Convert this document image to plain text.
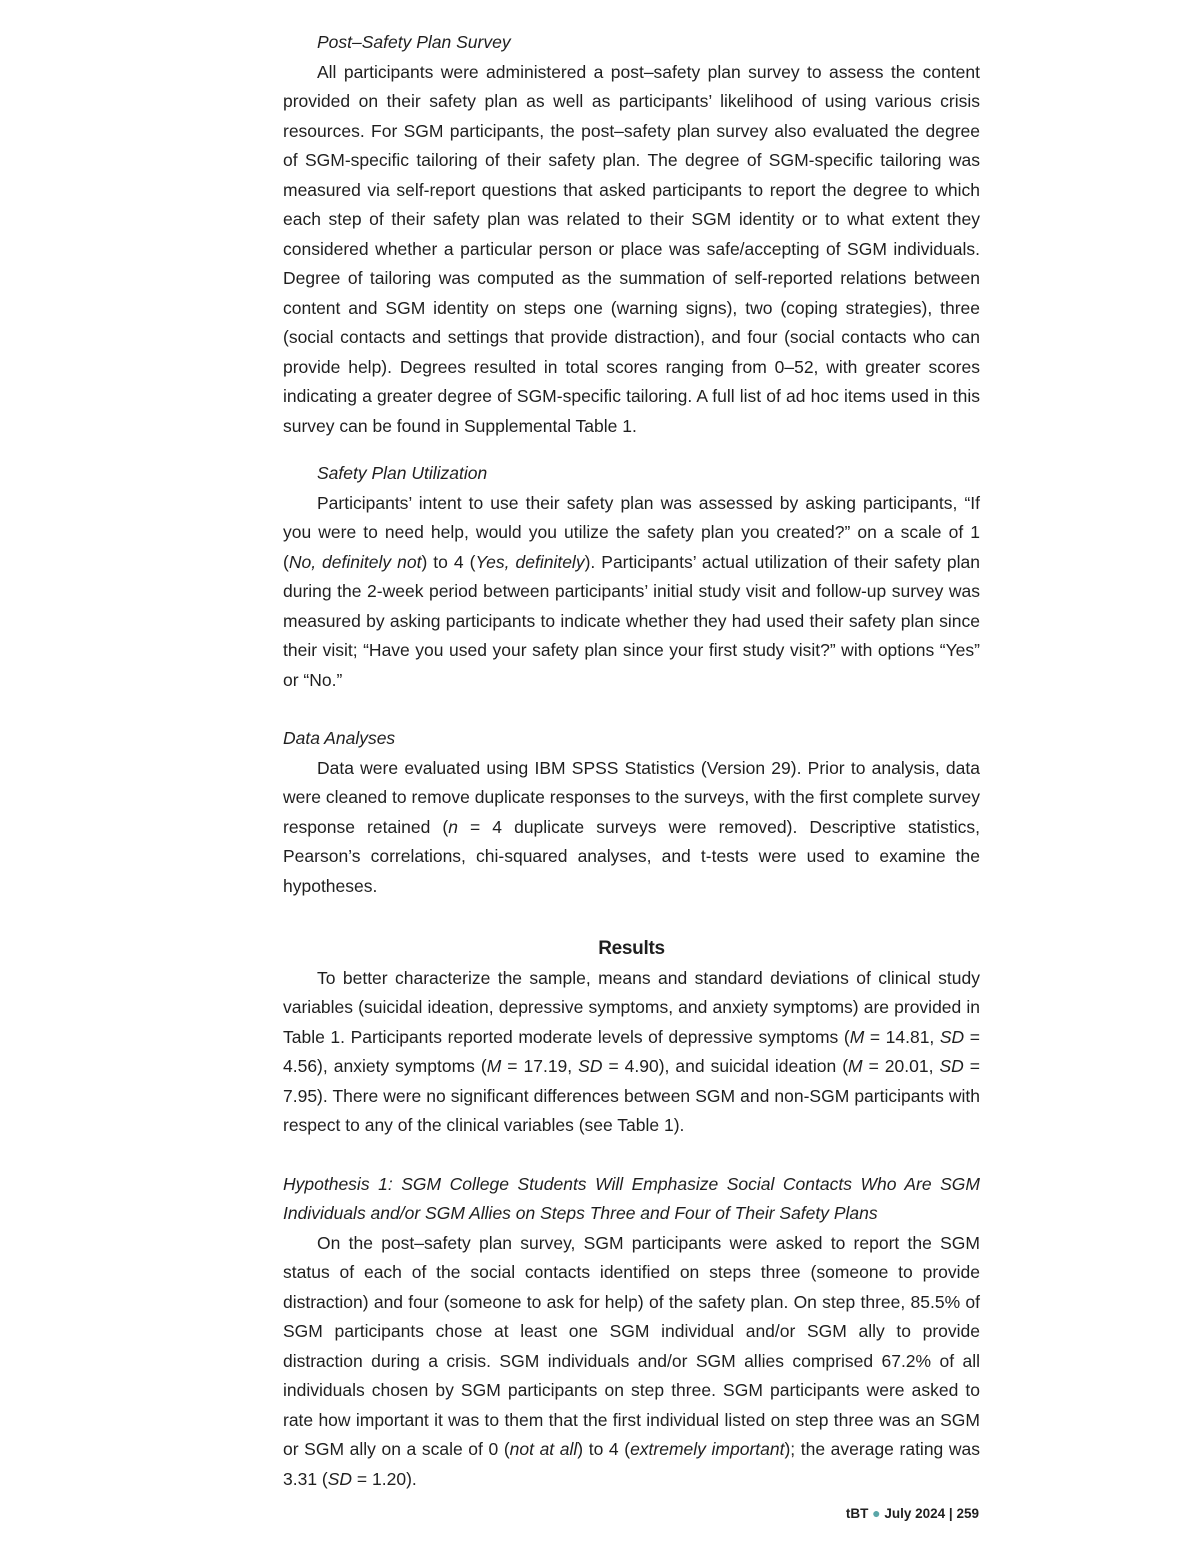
Post–Safety Plan Survey

All participants were administered a post–safety plan survey to assess the content provided on their safety plan as well as participants’ likelihood of using various crisis resources. For SGM participants, the post–safety plan survey also evaluated the degree of SGM-specific tailoring of their safety plan. The degree of SGM-specific tailoring was measured via self-report questions that asked participants to report the degree to which each step of their safety plan was related to their SGM identity or to what extent they considered whether a particular person or place was safe/accepting of SGM individuals. Degree of tailoring was computed as the summation of self-reported relations between content and SGM identity on steps one (warning signs), two (coping strategies), three (social contacts and settings that provide distraction), and four (social contacts who can provide help). Degrees resulted in total scores ranging from 0–52, with greater scores indicating a greater degree of SGM-specific tailoring. A full list of ad hoc items used in this survey can be found in Supplemental Table 1.

Safety Plan Utilization

Participants’ intent to use their safety plan was assessed by asking participants, “If you were to need help, would you utilize the safety plan you created?” on a scale of 1 (No, definitely not) to 4 (Yes, definitely). Participants’ actual utilization of their safety plan during the 2-week period between participants’ initial study visit and follow-up survey was measured by asking participants to indicate whether they had used their safety plan since their visit; “Have you used your safety plan since your first study visit?” with options “Yes” or “No.”

Data Analyses

Data were evaluated using IBM SPSS Statistics (Version 29). Prior to analysis, data were cleaned to remove duplicate responses to the surveys, with the first complete survey response retained (n = 4 duplicate surveys were removed). Descriptive statistics, Pearson’s correlations, chi-squared analyses, and t-tests were used to examine the hypotheses.

Results

To better characterize the sample, means and standard deviations of clinical study variables (suicidal ideation, depressive symptoms, and anxiety symptoms) are provided in Table 1. Participants reported moderate levels of depressive symptoms (M = 14.81, SD = 4.56), anxiety symptoms (M = 17.19, SD = 4.90), and suicidal ideation (M = 20.01, SD = 7.95). There were no significant differences between SGM and non-SGM participants with respect to any of the clinical variables (see Table 1).

Hypothesis 1: SGM College Students Will Emphasize Social Contacts Who Are SGM Individuals and/or SGM Allies on Steps Three and Four of Their Safety Plans

On the post–safety plan survey, SGM participants were asked to report the SGM status of each of the social contacts identified on steps three (someone to provide distraction) and four (someone to ask for help) of the safety plan. On step three, 85.5% of SGM participants chose at least one SGM individual and/or SGM ally to provide distraction during a crisis. SGM individuals and/or SGM allies comprised 67.2% of all individuals chosen by SGM participants on step three. SGM participants were asked to rate how important it was to them that the first individual listed on step three was an SGM or SGM ally on a scale of 0 (not at all) to 4 (extremely important); the average rating was 3.31 (SD = 1.20).

tBT ● July 2024 | 259
